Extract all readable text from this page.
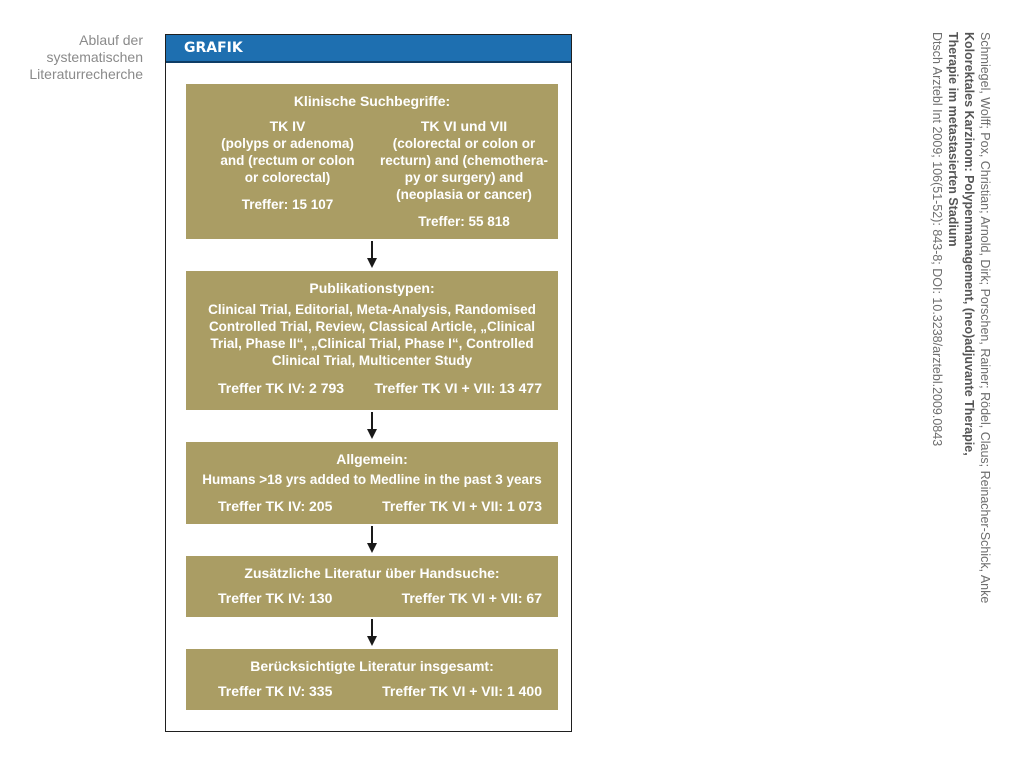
Ablauf der
systematischen
Literaturrecherche
GRAFIK
Klinische Suchbegriffe:
TK IV
(polyps or adenoma)
and (rectum or colon
or colorectal)
Treffer: 15 107
TK VI und VII
(colorectal or colon or
recturn) and (chemothera-
py or surgery) and
(neoplasia or cancer)
Treffer: 55 818
Publikationstypen:
Clinical Trial, Editorial, Meta-Analysis, Randomised
Controlled Trial, Review, Classical Article, „Clinical
Trial, Phase II“, „Clinical Trial, Phase I“, Controlled
Clinical Trial, Multicenter Study
Treffer TK IV: 2 793 Treffer TK VI + VII: 13 477
Allgemein:
Humans >18 yrs added to Medline in the past 3 years
Treffer TK IV: 205	Treffer TK VI + VII: 1 073
Zusätzliche Literatur über Handsuche:
Treffer TK IV: 130	Treffer TK VI + VII: 67
Berücksichtigte Literatur insgesamt:
Treffer TK IV: 335	Treffer TK VI + VII: 1 400
Schmiegel, Wolff; Pox, Christian; Arnold, Dirk; Porschen, Rainer; Rödel, Claus; Reinacher-Schick, Anke
Kolorektales Karzinom: Polypenmanagement, (neo)adjuvante Therapie,
Therapie im metastasierten Stadium
Dtsch Arztebl Int 2009; 106(51-52): 843-8; DOI: 10.3238/arztebl.2009.0843
